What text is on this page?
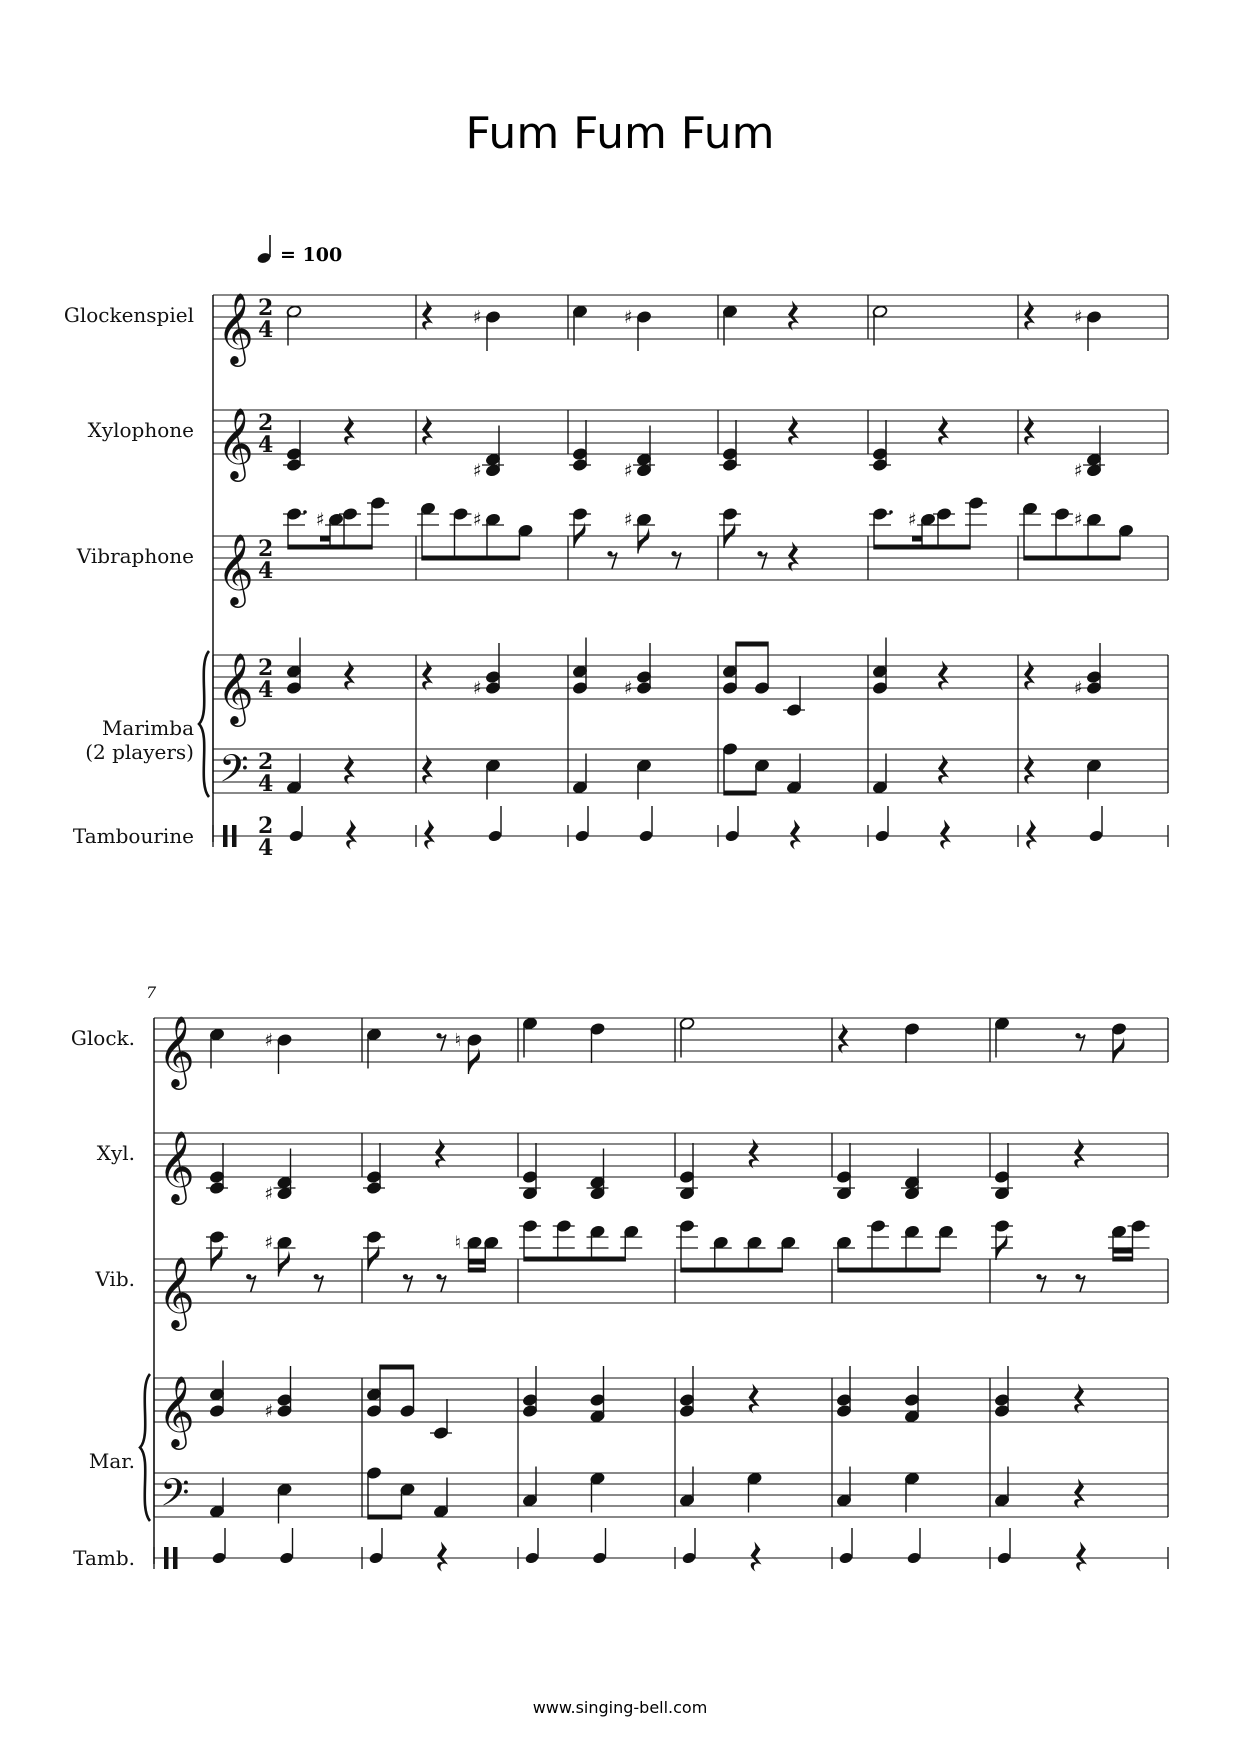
Fum Fum Fum
= 100
𝄞 2
4	♯	♯	♯
𝄞 2
4
♯	♯	♯
𝄞 2
4
♯	♯	♯	♯	♯
𝄞 2
4	♯	♯	♯
𝄢 2
4
2
4
Glockenspiel
Xylophone
Vibraphone
Marimba
(2 players)
Tambourine
7
𝄞	♯	♮
𝄞	♯
𝄞
♯	♮
𝄞	♯
𝄢
Glock.
Xyl.
Vib.
Mar.
Tamb.
www.singing-bell.com
